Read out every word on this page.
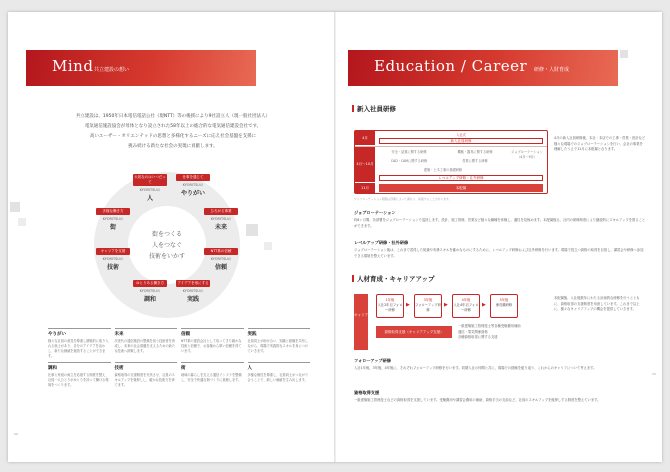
Mind 共立建設の想い
共立建設は、1950年日本電信電話公社（現NTT）等の後援により9社設立人（現一般社団法人）
電気通信施設協会が母体となり設立された58年以上の総合的な電気通信建設会社です。
高いユーザー・オリエンテッドの思想と多様化するニーズに応え社会基盤を支援に
挑み続ける新たな社会の実現に貢献します。
街をつくる
人をつなぐ
技術をいかす
大切なのはいつだって
KYORITSUの
人
仕事を通じて
KYORITSUの
やりがい
ひろがる事業
KYORITSUの
未来
NTT系の信頼
KYORITSUの
信頼
アイデアを形にする
KYORITSUの
実践
ゆとりある働き方
KYORITSUの
調和
キャリアを支援
KYORITSUの
技術
多様な働き方
KYORITSUの
街
やりがい

様々な社員の意見を尊重し積極的に取り入れる風土があり、自分のアイデアを活かし、新たな価値を創造することができます。

未来

次世代の通信施設の整備を担う技術者を育成し、未来の社会基盤を支えるための新たな技術へ挑戦します。

信頼

NTT系の建設会社として培ってきた確かな技術と信頼で、お客様から厚い信頼を得ています。

実践

社員同士が助け合い、知識と経験を共有しながら、現場で実践的なスキルを身につけていきます。

調和

仕事と家庭の両立を応援する制度を整え、社員一人ひとりがゆとりを持って働ける環境をつくります。

技術

資格取得の支援制度を充実させ、社員のスキルアップを後押しし、確かな技術力を育てます。

街

地域の暮らしを支える通信インフラを整備し、安全で快適な街づくりに貢献します。

人

多様な個性を尊重し、社員同士がつながり合うことで、新しい価値を生み出します。

09
Education / Career 研修・人財育成
新入社員研修
4月
4月〜10月
11月
入社式
新入社員研修
安全・品質に関する研修	機械・器具に関する研修	ジョブローテーション（4月〜9月）
CAD・CAMに関する研修	営業に関する研修
建築・土木工事の基礎研修
レベルアップ研修・社外研修
本配属
ジョブローテーション期間は部署によって異なり、前後することがあります。
4月の新入社員研修後、本社・本店での工事・営業・設計など様々な現場でのジョブローテーションを行い、会社の事業を理解したうえで11月に本配属となります。
ジョブローテーション
約6ヶ月間、各部署をジョブローテーションで巡回します。設計、施工管理、営業など様々な職種を体験し、適性を見極めます。本配属後も、社内の研修制度により継続的にスキルアップを図ることができます。
レベルアップ研修・社外研修
ジョブローテーション後は、これまで習得した知識や実務スキルを確かなものにするために、レベルアップ研修および社外研修を行います。現場で役立つ資格の取得を目指し、講習会や研修へ参加できる環境を整えています。
人材育成・キャリアアップ
キャリア
1年後
入社2年目フォロー研修
▶
3年後
フォローアップ研修
▶
4年後
入社4年目フォロー研修
▶
5年後
係長職研修
資格取得支援（キャリアアップ支援）
一級建築施工管理技士等各種受験費用補助
通信・電気関係資格
各種資格取得に関する支援
本配属後、入社後数年にわたる計画的な研修を行うとともに、資格取得の支援制度を用意しています。これまで以上に、様々なキャリアアップの機会を提供していきます。
フォローアップ研修
入社1年後、3年後、4年後に、それぞれフォローアップ研修を行います。同期入社の仲間と共に、現場での経験を振り返り、これからのキャリアについて考えます。
資格取得支援
一級建築施工管理技士などの資格取得を支援しています。受験費用や講習会費用の補助、資格手当の支給など、社員のスキルアップを後押しする制度を整えています。
10
